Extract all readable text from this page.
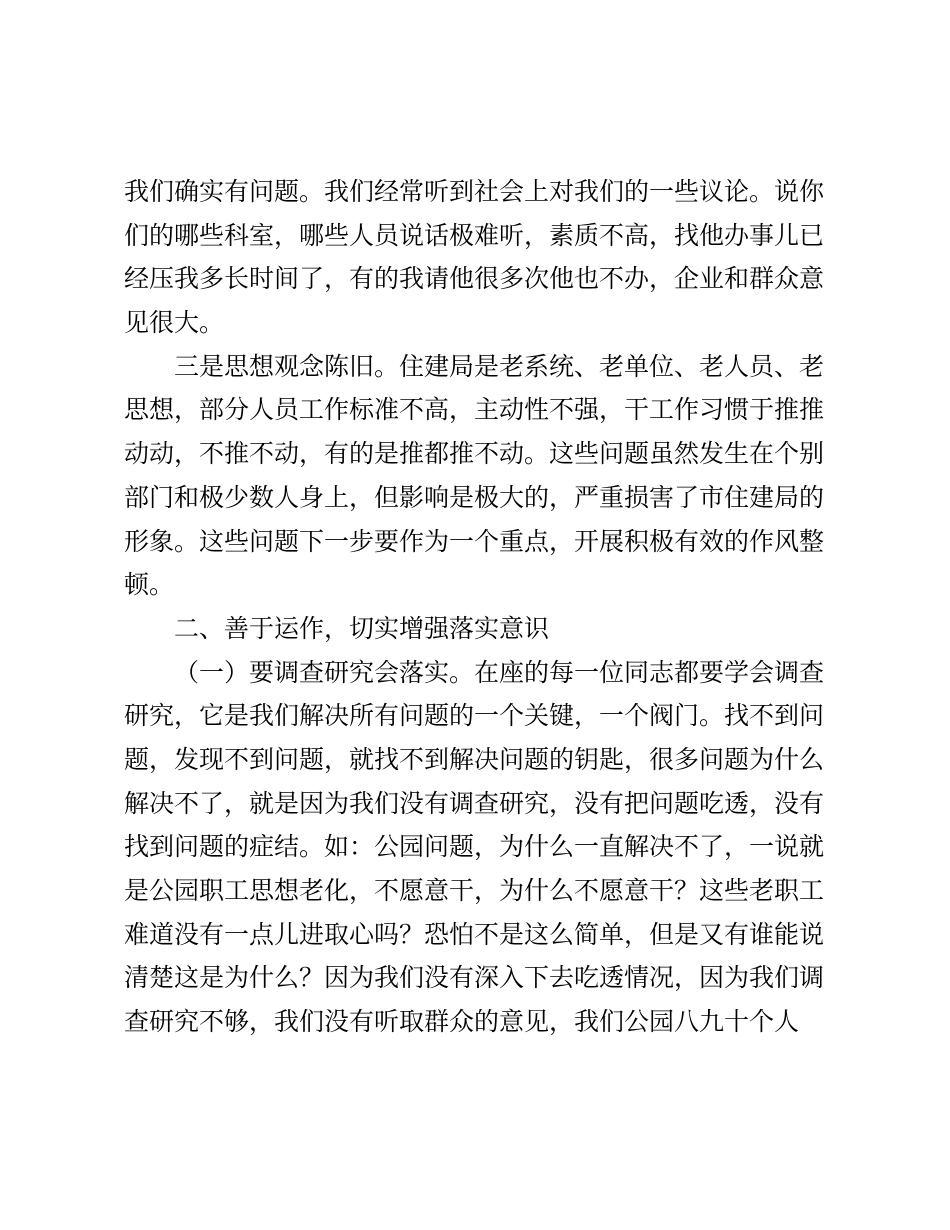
我们确实有问题。我们经常听到社会上对我们的一些议论。说你
们的哪些科室，哪些人员说话极难听，素质不高，找他办事儿已
经压我多长时间了，有的我请他很多次他也不办，企业和群众意
见很大。
三是思想观念陈旧。住建局是老系统、老单位、老人员、老
思想，部分人员工作标准不高，主动性不强，干工作习惯于推推
动动，不推不动，有的是推都推不动。这些问题虽然发生在个别
部门和极少数人身上，但影响是极大的，严重损害了市住建局的
形象。这些问题下一步要作为一个重点，开展积极有效的作风整
顿。
二、善于运作，切实增强落实意识
（一）要调查研究会落实。在座的每一位同志都要学会调查
研究，它是我们解决所有问题的一个关键，一个阀门。找不到问
题，发现不到问题，就找不到解决问题的钥匙，很多问题为什么
解决不了，就是因为我们没有调查研究，没有把问题吃透，没有
找到问题的症结。如：公园问题，为什么一直解决不了，一说就
是公园职工思想老化，不愿意干，为什么不愿意干？这些老职工
难道没有一点儿进取心吗？恐怕不是这么简单，但是又有谁能说
清楚这是为什么？因为我们没有深入下去吃透情况，因为我们调
查研究不够，我们没有听取群众的意见，我们公园八九十个人
